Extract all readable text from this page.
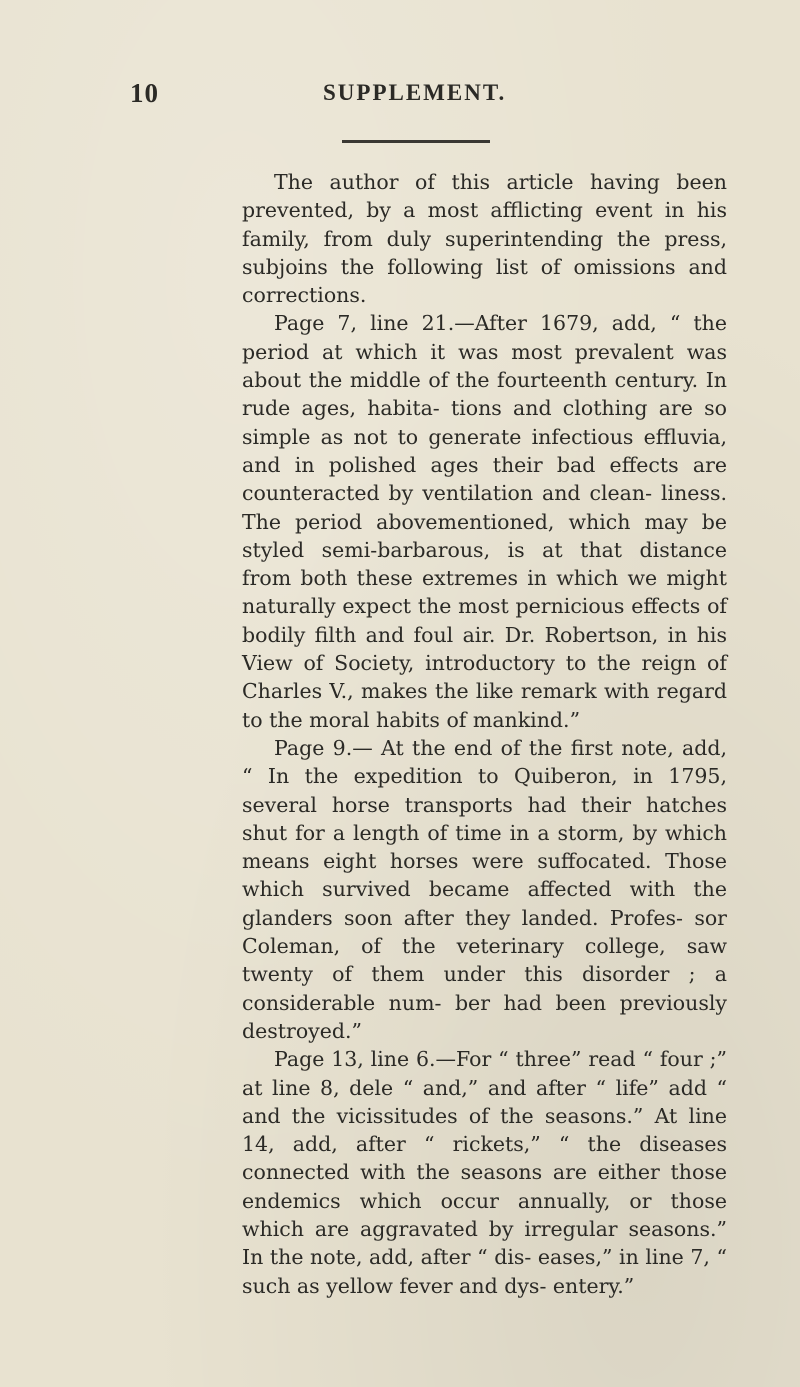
10	SUPPLEMENT.

The author of this article having been prevented, by a most afflicting event in his family, from duly superintending the press, subjoins the following list of omissions and corrections.

Page 7, line 21.—After 1679, add, “ the period at which it was most prevalent was about the middle of the fourteenth century. In rude ages, habita- tions and clothing are so simple as not to generate infectious effluvia, and in polished ages their bad effects are counteracted by ventilation and clean- liness. The period abovementioned, which may be styled semi-barbarous, is at that distance from both these extremes in which we might naturally expect the most pernicious effects of bodily filth and foul air. Dr. Robertson, in his View of Society, introductory to the reign of Charles V., makes the like remark with regard to the moral habits of mankind.”

Page 9.— At the end of the first note, add, “ In the expedition to Quiberon, in 1795, several horse transports had their hatches shut for a length of time in a storm, by which means eight horses were suffocated. Those which survived became affected with the glanders soon after they landed. Profes- sor Coleman, of the veterinary college, saw twenty of them under this disorder ; a considerable num- ber had been previously destroyed.”

Page 13, line 6.—For “ three” read “ four ;” at line 8, dele “ and,” and after “ life” add “ and the vicissitudes of the seasons.” At line 14, add, after “ rickets,” “ the diseases connected with the seasons are either those endemics which occur annually, or those which are aggravated by irregular seasons.” In the note, add, after “ dis- eases,” in line 7, “ such as yellow fever and dys- entery.”
